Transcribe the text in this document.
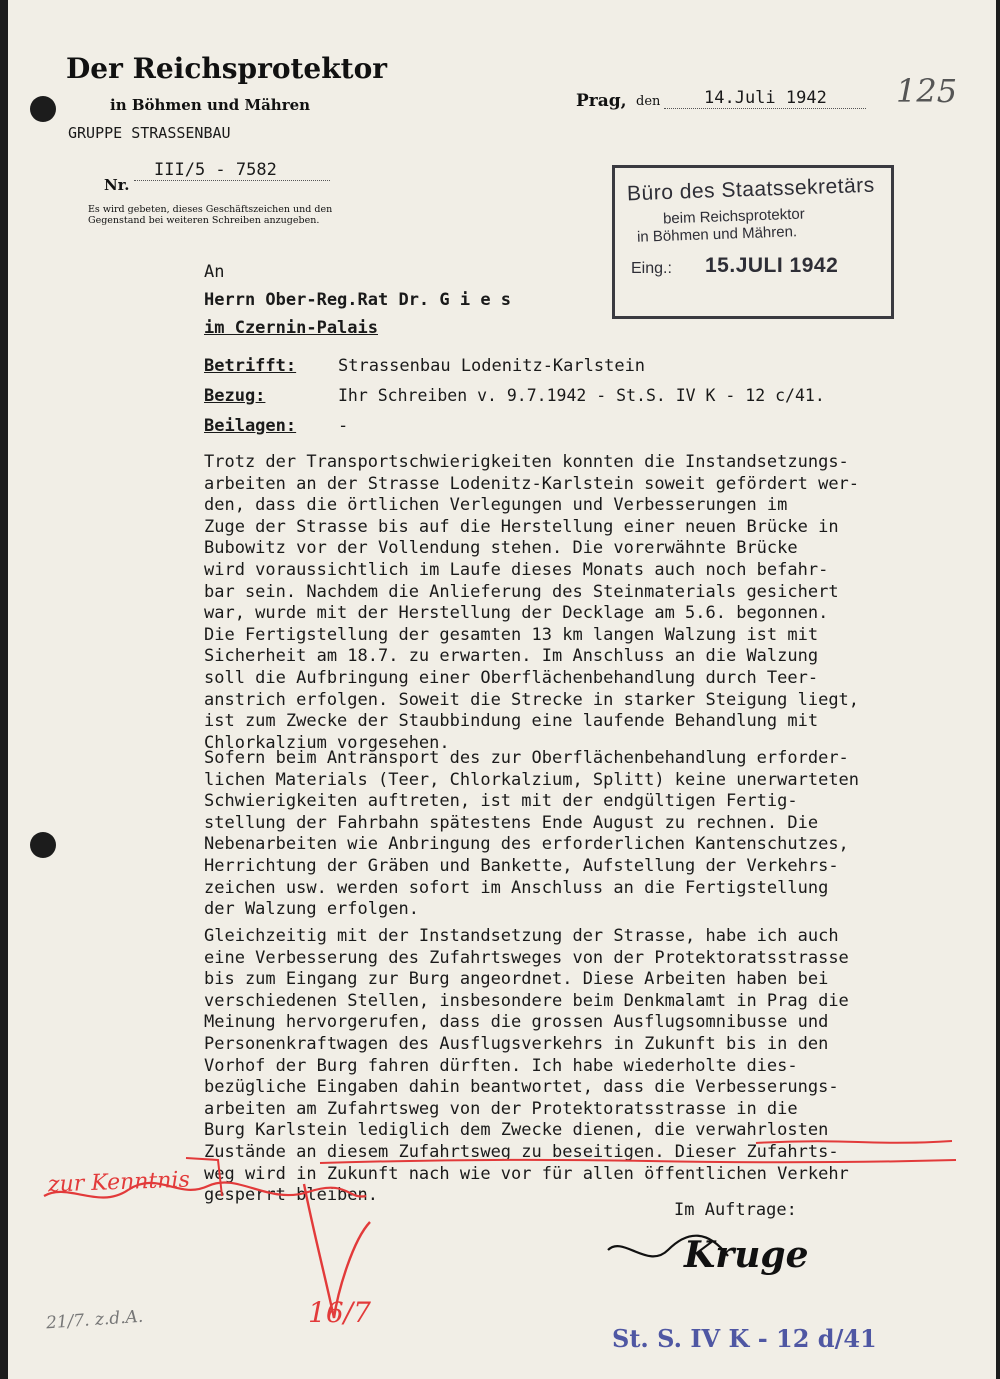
Der Reichsprotektor
in Böhmen und Mähren
GRUPPE STRASSENBAU
Nr.
III/5 - 7582
Es wird gebeten, dieses Geschäftszeichen und den
Gegenstand bei weiteren Schreiben anzugeben.
Prag, den	14.Juli 1942	125
Büro des Staatssekretärs
beim Reichsprotektor
in Böhmen und Mähren.
Eing.: 15.JULI 1942
An
Herrn Ober-Reg.Rat Dr. G i e s
im Czernin-Palais
Betrifft: Strassenbau Lodenitz-Karlstein
Bezug:	Ihr Schreiben v. 9.7.1942 - St.S. IV K - 12 c/41.
Beilagen: -
Trotz der Transportschwierigkeiten konnten die Instandsetzungs-
arbeiten an der Strasse Lodenitz-Karlstein soweit gefördert wer-
den, dass die örtlichen Verlegungen und Verbesserungen im
Zuge der Strasse bis auf die Herstellung einer neuen Brücke in
Bubowitz vor der Vollendung stehen. Die vorerwähnte Brücke
wird voraussichtlich im Laufe dieses Monats auch noch befahr-
bar sein. Nachdem die Anlieferung des Steinmaterials gesichert
war, wurde mit der Herstellung der Decklage am 5.6. begonnen.
Die Fertigstellung der gesamten 13 km langen Walzung ist mit
Sicherheit am 18.7. zu erwarten. Im Anschluss an die Walzung
soll die Aufbringung einer Oberflächenbehandlung durch Teer-
anstrich erfolgen. Soweit die Strecke in starker Steigung liegt,
ist zum Zwecke der Staubbindung eine laufende Behandlung mit
Chlorkalzium vorgesehen.
Sofern beim Antransport des zur Oberflächenbehandlung erforder-
lichen Materials (Teer, Chlorkalzium, Splitt) keine unerwarteten
Schwierigkeiten auftreten, ist mit der endgültigen Fertig-
stellung der Fahrbahn spätestens Ende August zu rechnen. Die
Nebenarbeiten wie Anbringung des erforderlichen Kantenschutzes,
Herrichtung der Gräben und Bankette, Aufstellung der Verkehrs-
zeichen usw. werden sofort im Anschluss an die Fertigstellung
der Walzung erfolgen.
Gleichzeitig mit der Instandsetzung der Strasse, habe ich auch
eine Verbesserung des Zufahrtsweges von der Protektoratsstrasse
bis zum Eingang zur Burg angeordnet. Diese Arbeiten haben bei
verschiedenen Stellen, insbesondere beim Denkmalamt in Prag die
Meinung hervorgerufen, dass die grossen Ausflugsomnibusse und
Personenkraftwagen des Ausflugsverkehrs in Zukunft bis in den
Vorhof der Burg fahren dürften. Ich habe wiederholte dies-
bezügliche Eingaben dahin beantwortet, dass die Verbesserungs-
arbeiten am Zufahrtsweg von der Protektoratsstrasse in die
Burg Karlstein lediglich dem Zwecke dienen, die verwahrlosten
Zustände an diesem Zufahrtsweg zu beseitigen. Dieser Zufahrts-
weg wird in Zukunft nach wie vor für allen öffentlichen Verkehr
gesperrt bleiben.
Im Auftrage:
Kruge
zur Kenntnis
16/7
21/7. z.d.A.
St. S. IV K - 12 d/41
